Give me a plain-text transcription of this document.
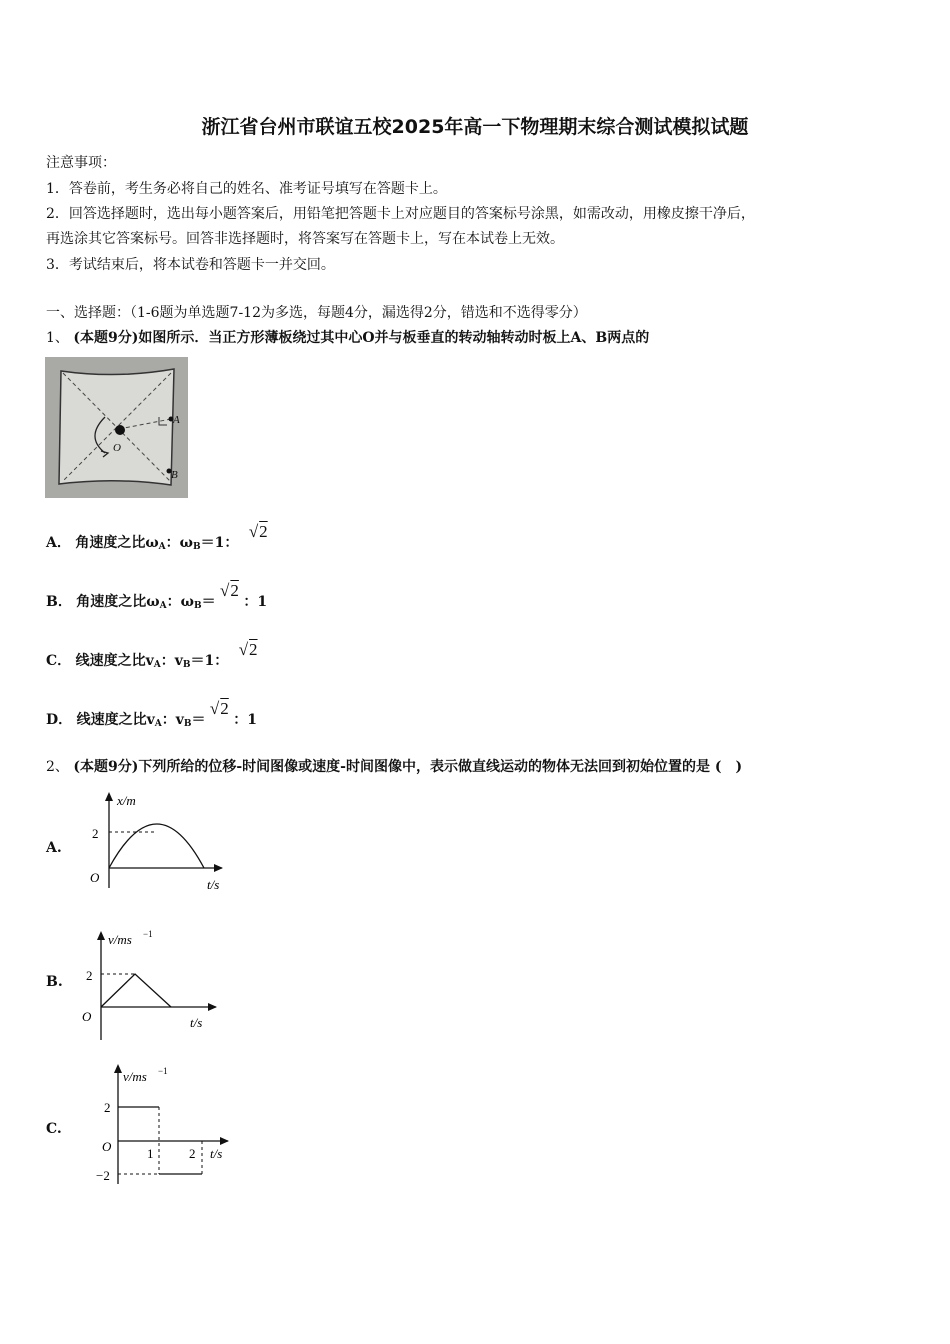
浙江省台州市联谊五校2025年高一下物理期末综合测试模拟试题
注意事项：
1．答卷前，考生务必将自己的姓名、准考证号填写在答题卡上。
2．回答选择题时，选出每小题答案后，用铅笔把答题卡上对应题目的答案标号涂黑，如需改动，用橡皮擦干净后，
再选涂其它答案标号。回答非选择题时，将答案写在答题卡上，写在本试卷上无效。
3．考试结束后，将本试卷和答题卡一并交回。
一、选择题：（1-6题为单选题7-12为多选，每题4分，漏选得2分，错选和不选得零分）
1、 (本题9分)如图所示．当正方形薄板绕过其中心O并与板垂直的转动轴转动时板上A、B两点的
A
B
O
A． 角速度之比$\omega_A$：$\omega_B=1$： √2
B． 角速度之比$\omega_A$：$\omega_B= √2$ ：1
C． 线速度之比$v_A$：$v_B=1$： √2
D． 线速度之比$v_A$：$v_B= √2$ ：1
2、 (本题9分)下列所给的位移-时间图像或速度-时间图像中，表示做直线运动的物体无法回到初始位置的是 (　)
A.
x/m
2
O	t/s
B.
v/ms −1
2
O	t/s
C.
v/ms −1
2
O
−2
1	2 t/s
